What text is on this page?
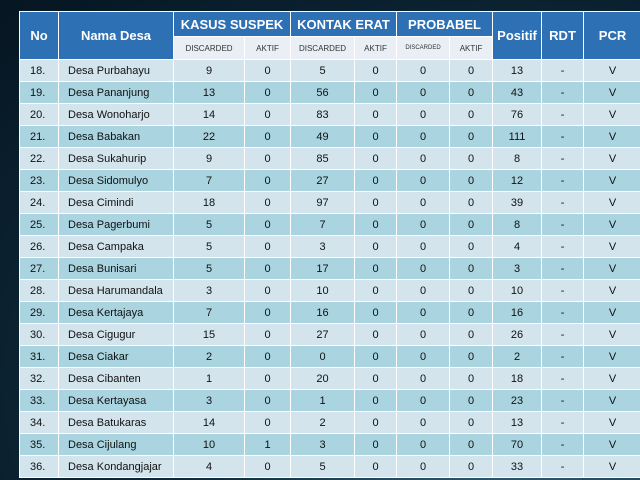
No	Nama Desa	KASUS SUSPEK		KONTAK ERAT		PROBABEL		Positif	RDT	PCR
		DISCARDED	AKTIF	DISCARDED	AKTIF	DISCARDED	AKTIF			
18.	Desa Purbahayu	9	0	5	0	0	0	13	-	V
19.	Desa Pananjung	13	0	56	0	0	0	43	-	V
20.	Desa Wonoharjo	14	0	83	0	0	0	76	-	V
21.	Desa Babakan	22	0	49	0	0	0	111	-	V
22.	Desa Sukahurip	9	0	85	0	0	0	8	-	V
23.	Desa Sidomulyo	7	0	27	0	0	0	12	-	V
24.	Desa Cimindi	18	0	97	0	0	0	39	-	V
25.	Desa Pagerbumi	5	0	7	0	0	0	8	-	V
26.	Desa Campaka	5	0	3	0	0	0	4	-	V
27.	Desa Bunisari	5	0	17	0	0	0	3	-	V
28.	Desa Harumandala	3	0	10	0	0	0	10	-	V
29.	Desa Kertajaya	7	0	16	0	0	0	16	-	V
30.	Desa Cigugur	15	0	27	0	0	0	26	-	V
31.	Desa Ciakar	2	0	0	0	0	0	2	-	V
32.	Desa Cibanten	1	0	20	0	0	0	18	-	V
33.	Desa Kertayasa	3	0	1	0	0	0	23	-	V
34.	Desa Batukaras	14	0	2	0	0	0	13	-	V
35.	Desa Cijulang	10	1	3	0	0	0	70	-	V
36.	Desa Kondangjajar	4	0	5	0	0	0	33	-	V
